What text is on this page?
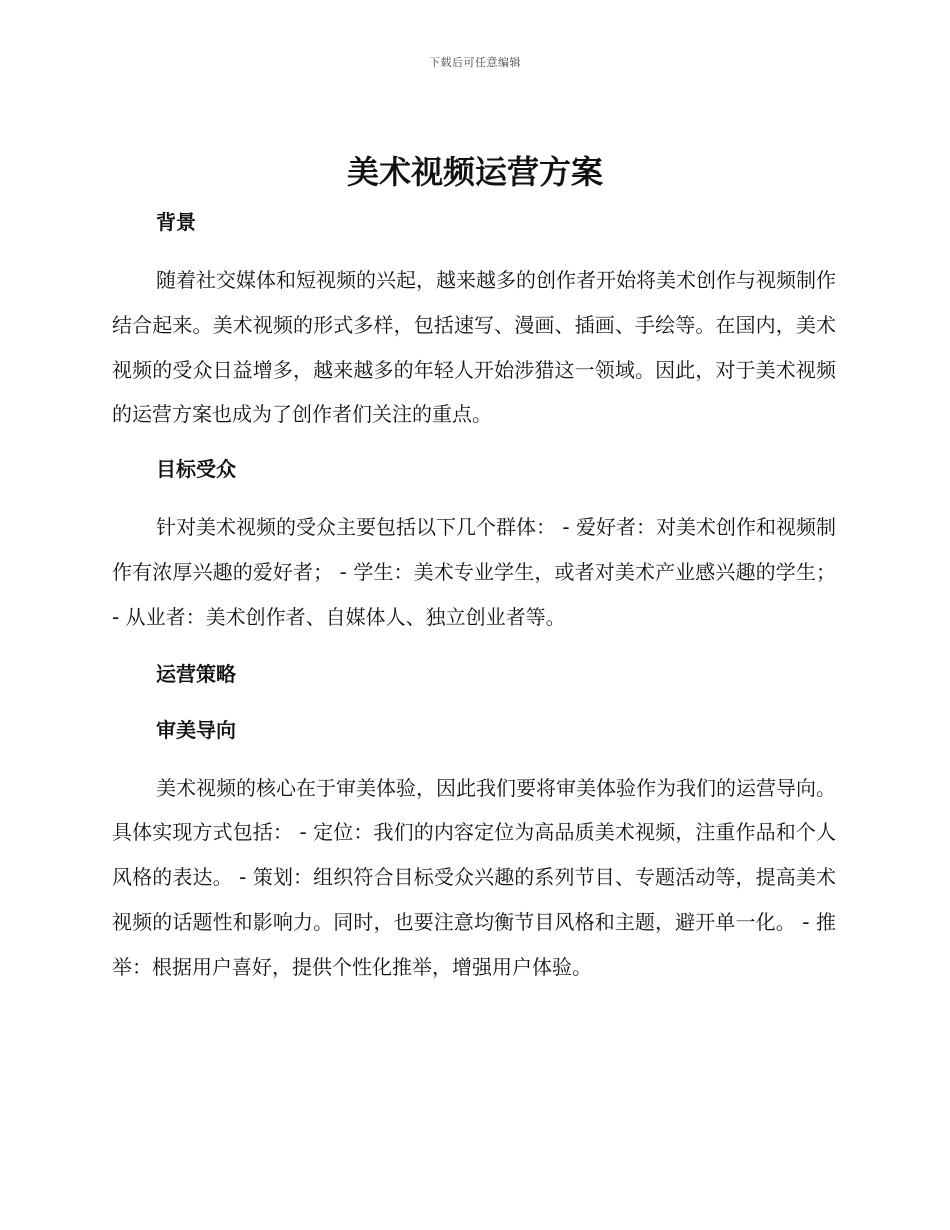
下载后可任意编辑
美术视频运营方案
背景

随着社交媒体和短视频的兴起，越来越多的创作者开始将美术创作与视频制作结合起来。美术视频的形式多样，包括速写、漫画、插画、手绘等。在国内，美术视频的受众日益增多，越来越多的年轻人开始涉猎这一领域。因此，对于美术视频的运营方案也成为了创作者们关注的重点。

目标受众

针对美术视频的受众主要包括以下几个群体： - 爱好者：对美术创作和视频制作有浓厚兴趣的爱好者； - 学生：美术专业学生，或者对美术产业感兴趣的学生； - 从业者：美术创作者、自媒体人、独立创业者等。

运营策略
审美导向

美术视频的核心在于审美体验，因此我们要将审美体验作为我们的运营导向。具体实现方式包括： - 定位：我们的内容定位为高品质美术视频，注重作品和个人风格的表达。 - 策划：组织符合目标受众兴趣的系列节目、专题活动等，提高美术视频的话题性和影响力。同时，也要注意均衡节目风格和主题，避开单一化。 - 推举：根据用户喜好，提供个性化推举，增强用户体验。
